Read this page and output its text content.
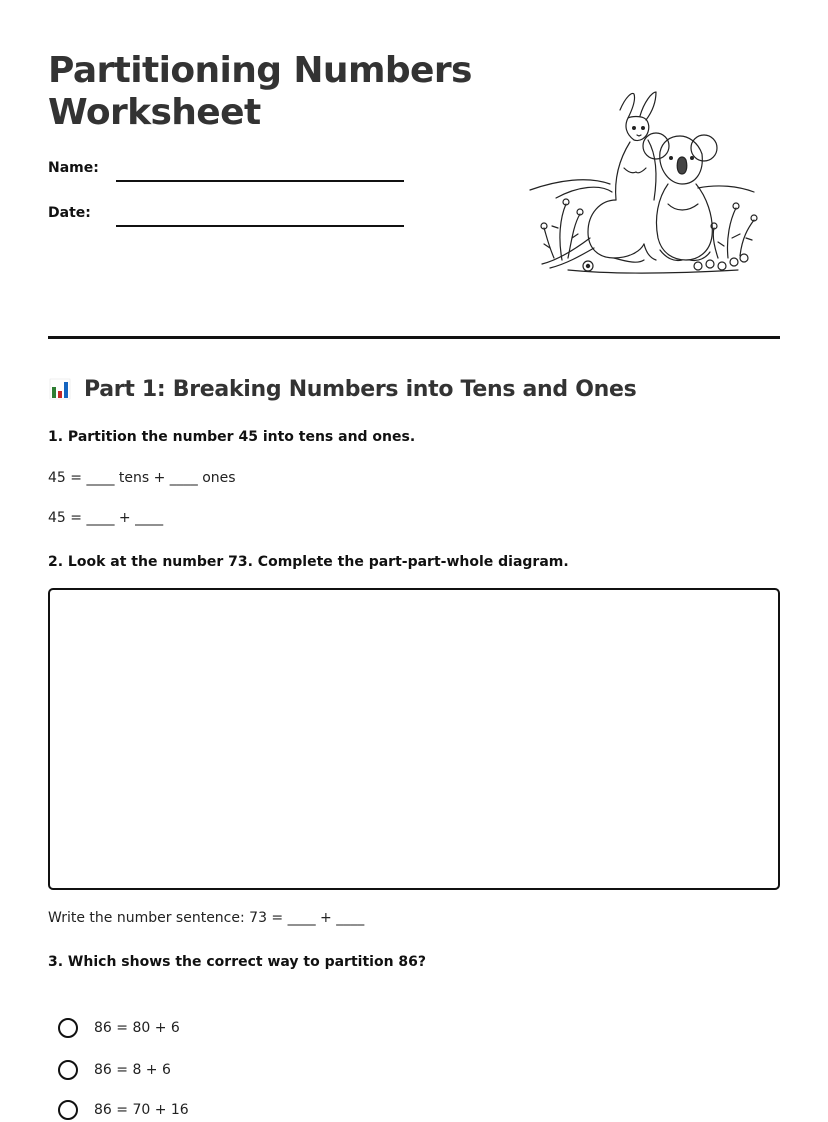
Partitioning Numbers Worksheet
Name:
Date:
Part 1: Breaking Numbers into Tens and Ones
1. Partition the number 45 into tens and ones.
45 = ____ tens + ____ ones
45 = ____ + ____
2. Look at the number 73. Complete the part-part-whole diagram.
Write the number sentence: 73 = ____ + ____
3. Which shows the correct way to partition 86?
86 = 80 + 6
86 = 8 + 6
86 = 70 + 16
